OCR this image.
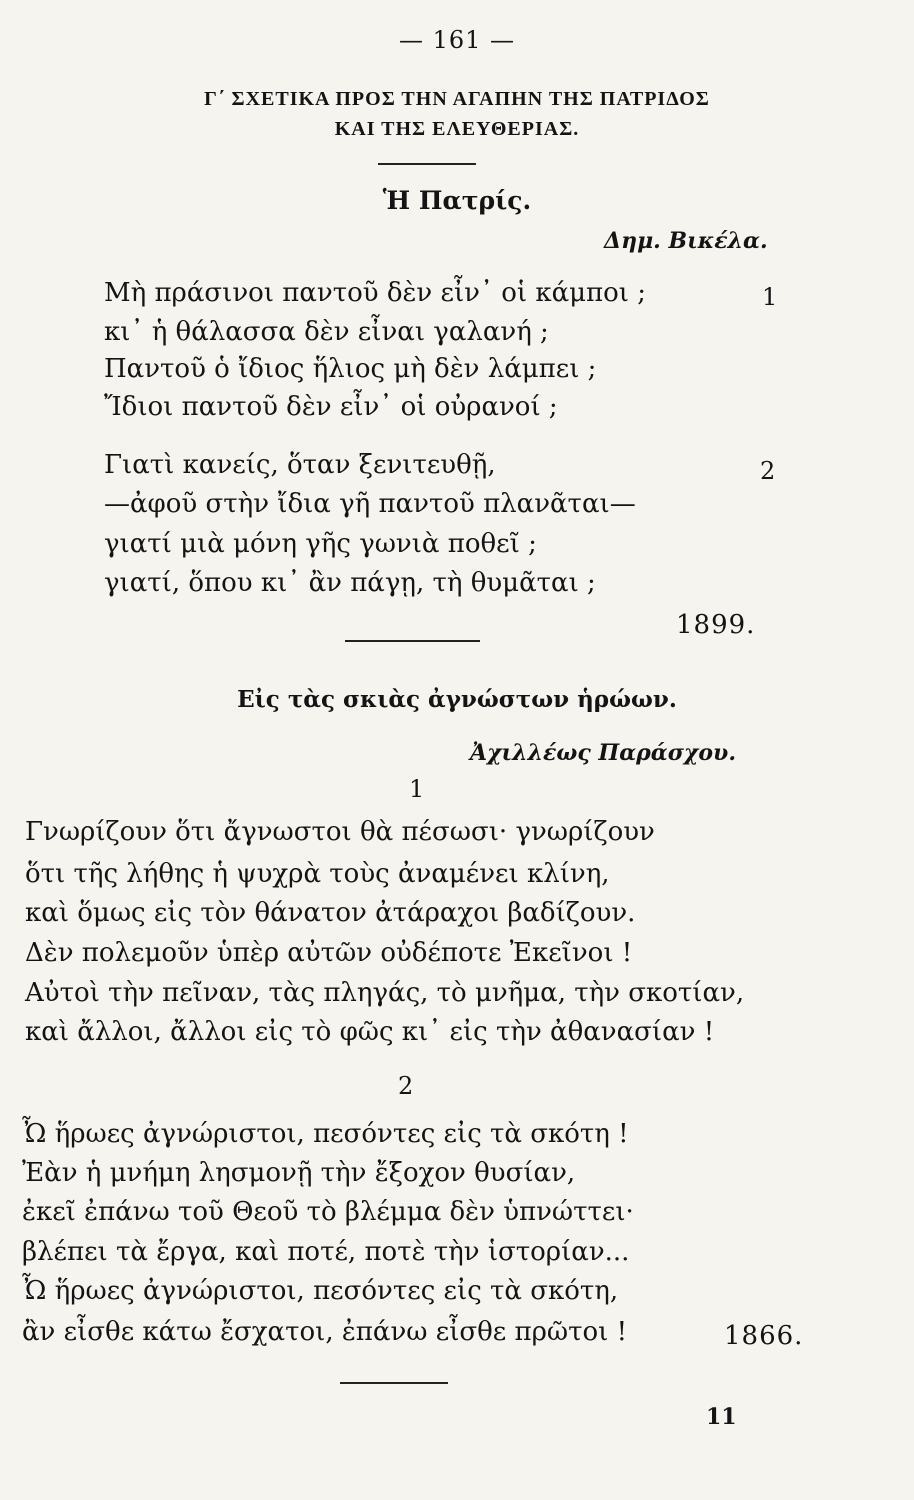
— 161 —
Γ΄ ΣΧΕΤΙΚΑ ΠΡΟΣ ΤΗΝ ΑΓΑΠΗΝ ΤΗΣ ΠΑΤΡΙΔΟΣ
ΚΑΙ ΤΗΣ ΕΛΕΥΘΕΡΙΑΣ.
Ἡ Πατρίς.
Δημ. Βικέλα.
Μὴ πράσινοι παντοῦ δὲν εἶν᾽ οἱ κάμποι ;	1
κι᾽ ἡ θάλασσα δὲν εἶναι γαλανή ;
Παντοῦ ὁ ἴδιος ἥλιος μὴ δὲν λάμπει ;
Ἴδιοι παντοῦ δὲν εἶν᾽ οἱ οὐρανοί ;
Γιατὶ κανείς, ὅταν ξενιτευθῇ,	2
—ἀφοῦ στὴν ἴδια γῆ παντοῦ πλανᾶται—
γιατί μιὰ μόνη γῆς γωνιὰ ποθεῖ ;
γιατί, ὅπου κι᾽ ἂν πάγῃ, τὴ θυμᾶται ;
1899.
Εἰς τὰς σκιὰς ἀγνώστων ἡρώων.
Ἀχιλλέως Παράσχου.
1
Γνωρίζουν ὅτι ἄγνωστοι θὰ πέσωσι· γνωρίζουν
ὅτι τῆς λήθης ἡ ψυχρὰ τοὺς ἀναμένει κλίνη,
καὶ ὅμως εἰς τὸν θάνατον ἀτάραχοι βαδίζουν.
Δὲν πολεμοῦν ὑπὲρ αὐτῶν οὐδέποτε Ἐκεῖνοι !
Αὐτοὶ τὴν πεῖναν, τὰς πληγάς, τὸ μνῆμα, τὴν σκοτίαν,
καὶ ἄλλοι, ἄλλοι εἰς τὸ φῶς κι᾽ εἰς τὴν ἀθανασίαν !
2
Ὦ ἥρωες ἀγνώριστοι, πεσόντες εἰς τὰ σκότη !
Ἐὰν ἡ μνήμη λησμονῇ τὴν ἔξοχον θυσίαν,
ἐκεῖ ἐπάνω τοῦ Θεοῦ τὸ βλέμμα δὲν ὑπνώττει·
βλέπει τὰ ἔργα, καὶ ποτέ, ποτὲ τὴν ἱστορίαν...
Ὦ ἥρωες ἀγνώριστοι, πεσόντες εἰς τὰ σκότη,
ἂν εἶσθε κάτω ἔσχατοι, ἐπάνω εἶσθε πρῶτοι !	1866.
11
